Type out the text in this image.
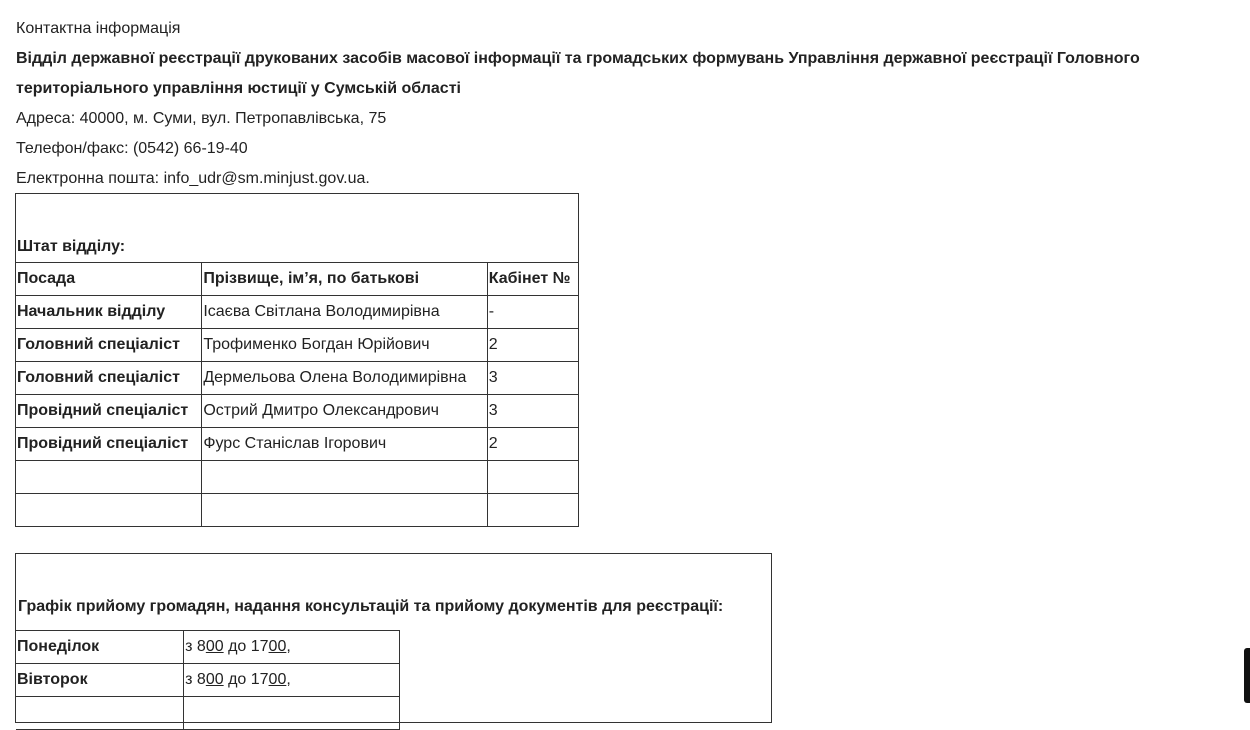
Контактна інформація
Відділ державної реєстрації друкованих засобів масової інформації та громадських формувань Управління державної реєстрації Головного територіального управління юстиції у Сумській області
Адреса: 40000, м. Суми, вул. Петропавлівська, 75
Телефон/факс: (0542) 66-19-40
Електронна пошта: info_udr@sm.minjust.gov.ua.
Штат відділу:		
Посада	Прізвище, ім’я, по батькові	Кабінет №
Начальник відділу	Ісаєва Світлана Володимирівна	-
Головний спеціаліст	Трофименко Богдан Юрійович	2
Головний спеціаліст	Дермельова Олена Володимирівна	3
Провідний спеціаліст	Острий Дмитро Олександрович	3
Провідний спеціаліст	Фурс Станіслав Ігорович	2

Графік прийому громадян, надання консультацій та прийому документів для реєстрації:
Понеділок	з 800 до 1700,
Вівторок	з 800 до 1700,
